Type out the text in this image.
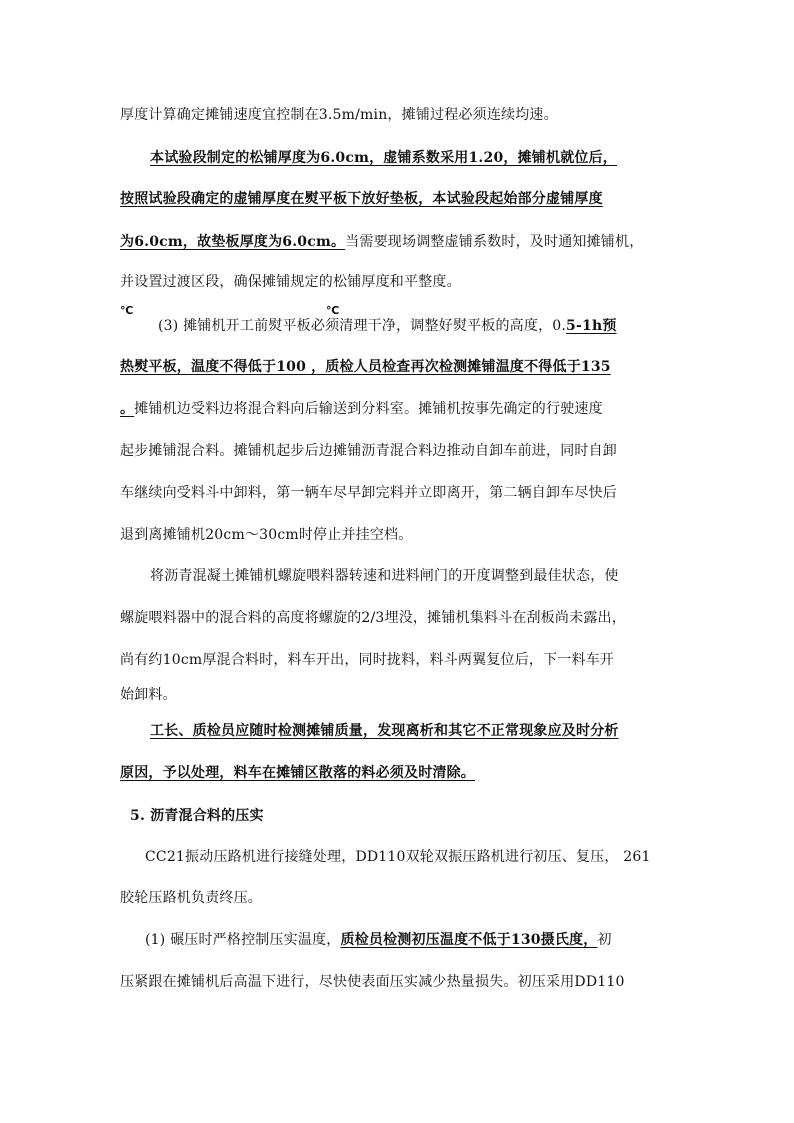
厚度计算确定摊铺速度宜控制在3.5m/min，摊铺过程必须连续均速。
本试验段制定的松铺厚度为6.0cm，虚铺系数采用1.20，摊铺机就位后，
按照试验段确定的虚铺厚度在熨平板下放好垫板，本试验段起始部分虚铺厚度
为6.0cm，故垫板厚度为6.0cm。当需要现场调整虚铺系数时，及时通知摊铺机，
并设置过渡区段，确保摊铺规定的松铺厚度和平整度。
℃	℃
(3) 摊铺机开工前熨平板必须清理干净，调整好熨平板的高度，0.5-1h预
热熨平板，温度不得低于100 ，质检人员检查再次检测摊铺温度不得低于135
。摊铺机边受料边将混合料向后输送到分料室。摊铺机按事先确定的行驶速度
起步摊铺混合料。摊铺机起步后边摊铺沥青混合料边推动自卸车前进，同时自卸
车继续向受料斗中卸料，第一辆车尽早卸完料并立即离开，第二辆自卸车尽快后
退到离摊铺机20cm～30cm时停止并挂空档。
将沥青混凝土摊铺机螺旋喂料器转速和进料闸门的开度调整到最佳状态，使
螺旋喂料器中的混合料的高度将螺旋的2/3埋没，摊铺机集料斗在刮板尚未露出，
尚有约10cm厚混合料时，料车开出，同时拢料，料斗两翼复位后，下一料车开
始卸料。
工长、质检员应随时检测摊铺质量，发现离析和其它不正常现象应及时分析
原因，予以处理，料车在摊铺区散落的料必须及时清除。
5. 沥青混合料的压实
CC21振动压路机进行接缝处理，DD110双轮双振压路机进行初压、复压， 261
胶轮压路机负责终压。
(1) 碾压时严格控制压实温度，质检员检测初压温度不低于130摄氏度，初
压紧跟在摊铺机后高温下进行，尽快使表面压实减少热量损失。初压采用DD110
